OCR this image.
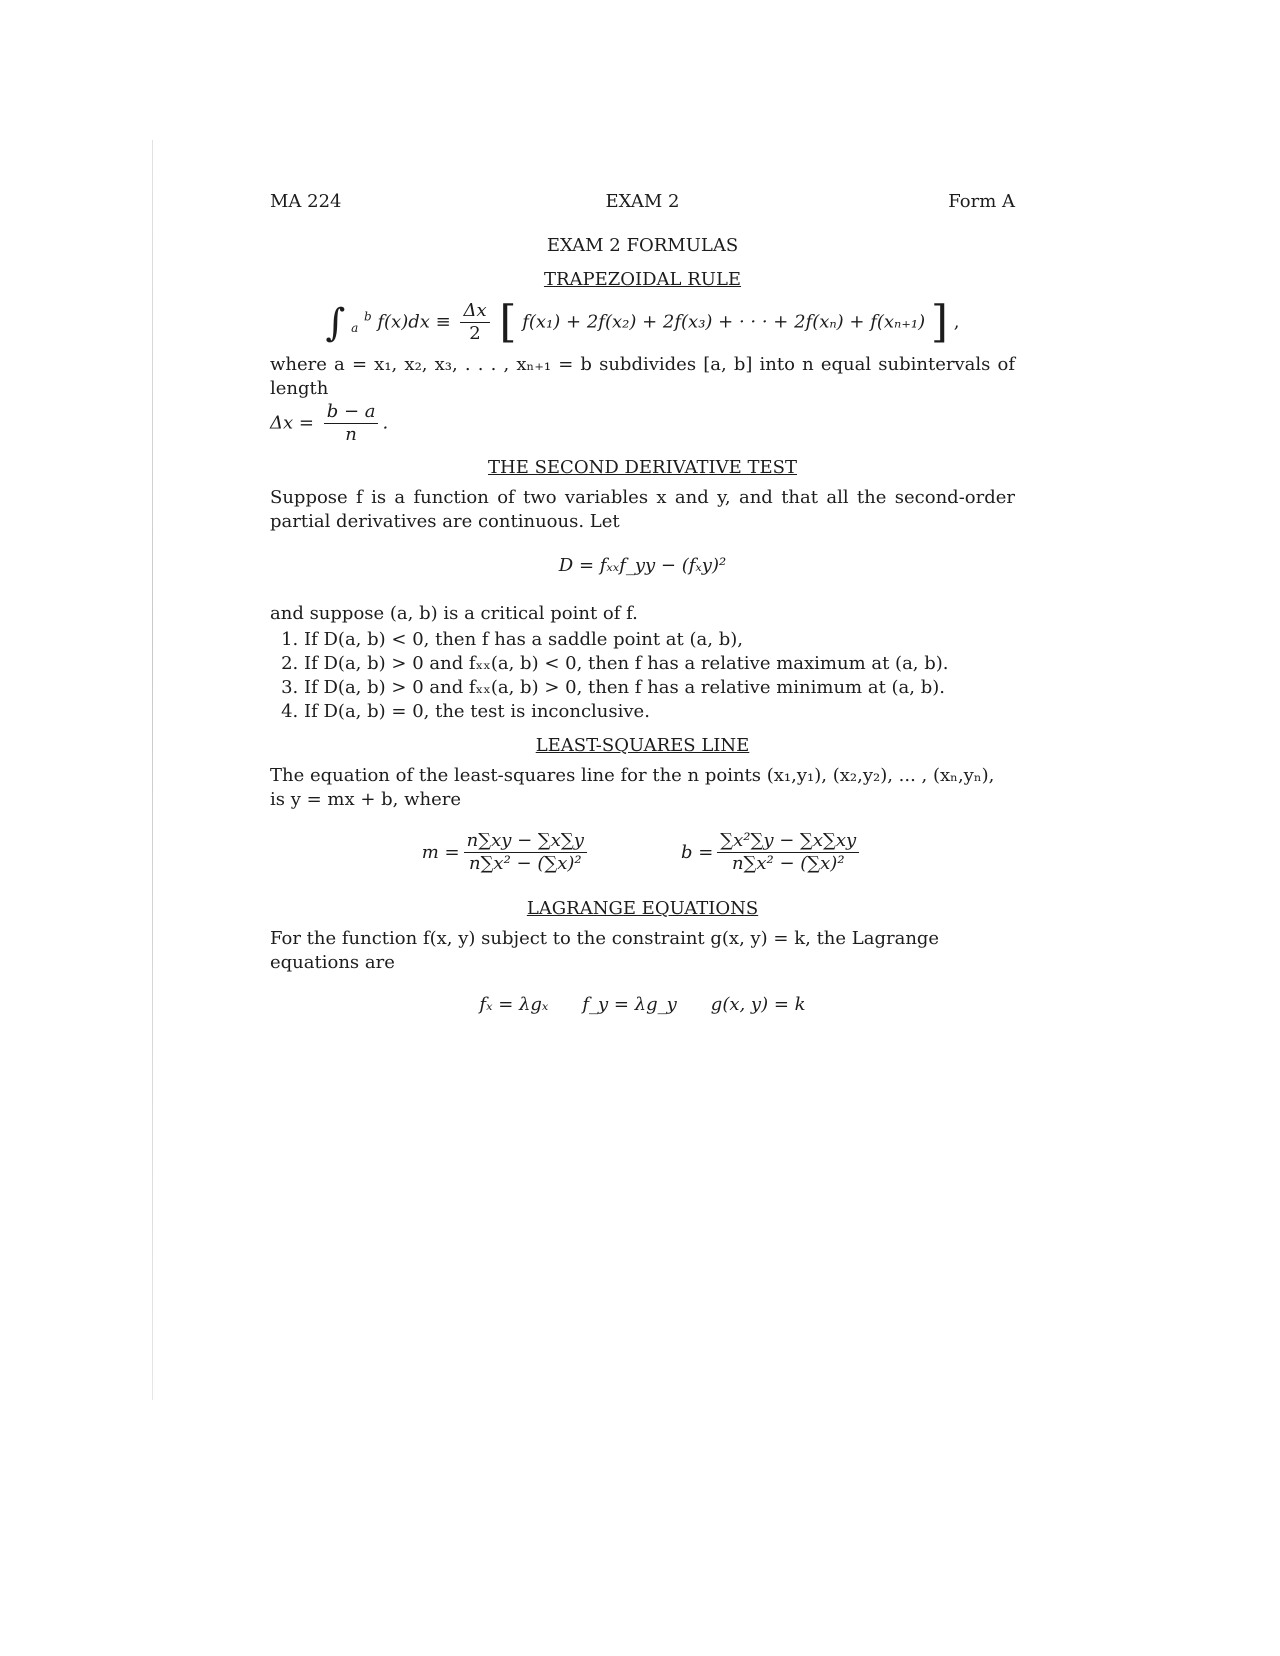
MA 224	EXAM 2	Form A
EXAM 2 FORMULAS
TRAPEZOIDAL RULE
∫ $_a$ $^b$ $f(x)dx \equiv \frac{\Delta x}{2}$ [ f(x₁) + 2f(x₂) + 2f(x₃) + · · · + 2f(xₙ) + f(xₙ₊₁) ] ,
where a = x₁, x₂, x₃, . . . , xₙ₊₁ = b subdivides [a, b] into n equal subintervals of length
$\Delta x = \frac{b - a}{n}$ .
THE SECOND DERIVATIVE TEST
Suppose f is a function of two variables x and y, and that all the second-order partial derivatives are continuous. Let
D = fₓₓf_yy − (fₓy)²
and suppose (a, b) is a critical point of f.
1. If D(a, b) < 0, then f has a saddle point at (a, b),
2. If D(a, b) > 0 and fₓₓ(a, b) < 0, then f has a relative maximum at (a, b).
3. If D(a, b) > 0 and fₓₓ(a, b) > 0, then f has a relative minimum at (a, b).
4. If D(a, b) = 0, the test is inconclusive.
LEAST-SQUARES LINE
The equation of the least-squares line for the n points (x₁,y₁), (x₂,y₂), ... , (xₙ,yₙ), is y = mx + b, where
$m = \frac{n\sum xy - \sum x\sum y}{\text{n∑x² − (∑x)²}}$	$b = \frac{\text{∑x²∑y − ∑x∑xy}}{\text{n∑x² − (∑x)²}}$
LAGRANGE EQUATIONS
For the function f(x, y) subject to the constraint g(x, y) = k, the Lagrange equations are
fₓ = λgₓ f_y = λg_y g(x, y) = k
